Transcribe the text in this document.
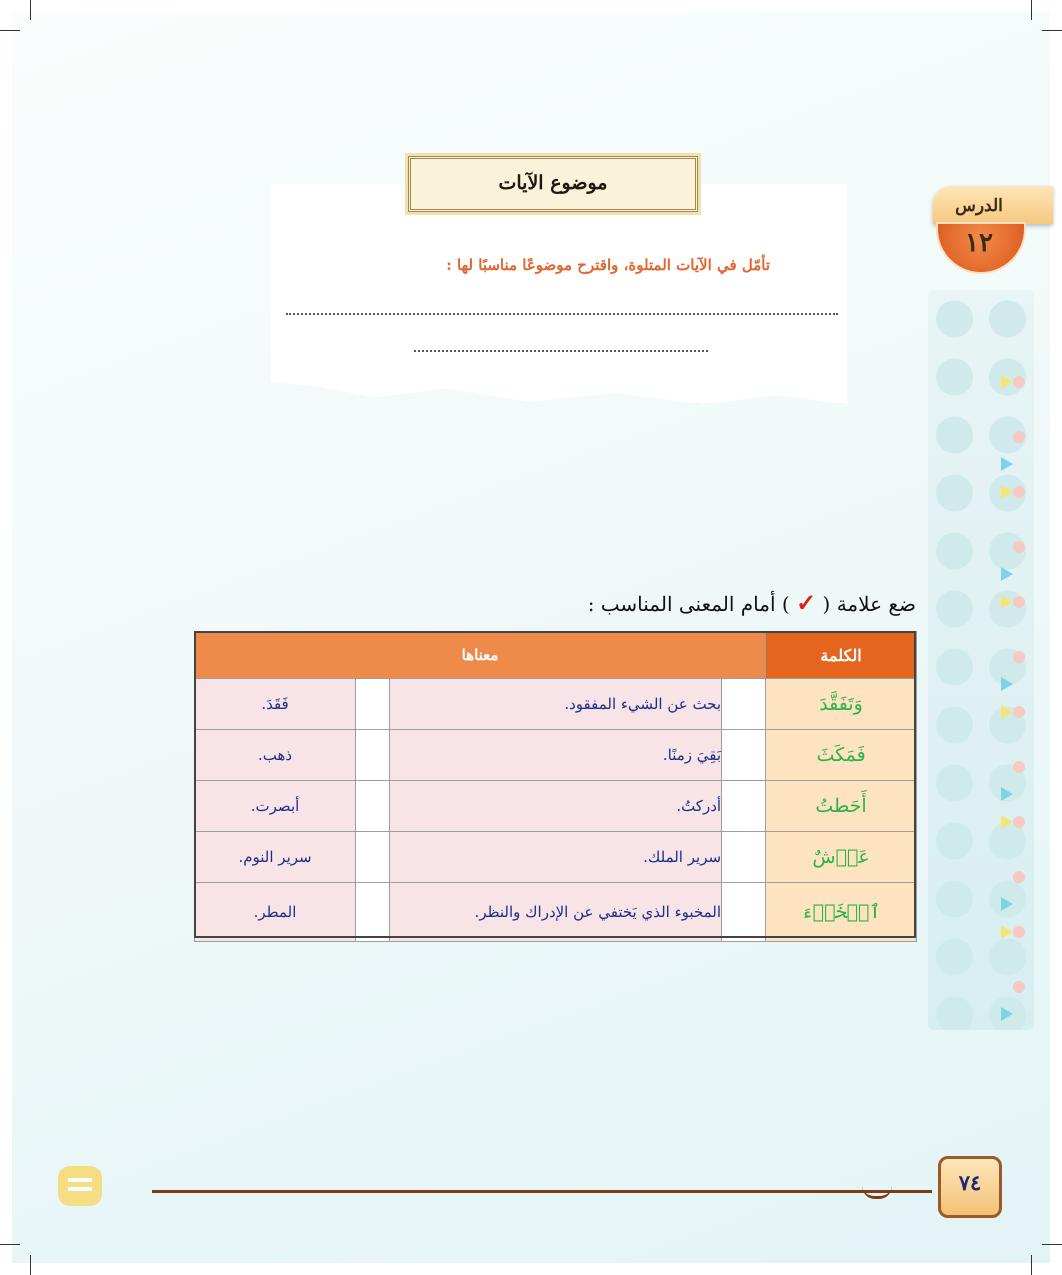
الدرس
١٢
موضوع الآيات
تأمّل في الآيات المتلوة، واقترح موضوعًا مناسبًا لها :
ضع علامة ( ✓ ) أمام المعنى المناسب :
الكلمة	معناها			
وَتَفَقَّدَ		بحث عن الشيء المفقود.		فَقَدَ.
فَمَكَثَ		بَقِيَ زمنًا.		ذهب.
أَحَطتُ		أدركتُ.		أبصرت.
عَرۡشٌ		سرير الملك.		سرير النوم.
ٱلۡخَبۡءَ		المخبوء الذي يَختفي عن الإدراك والنظر.		المطر.
٧٤
